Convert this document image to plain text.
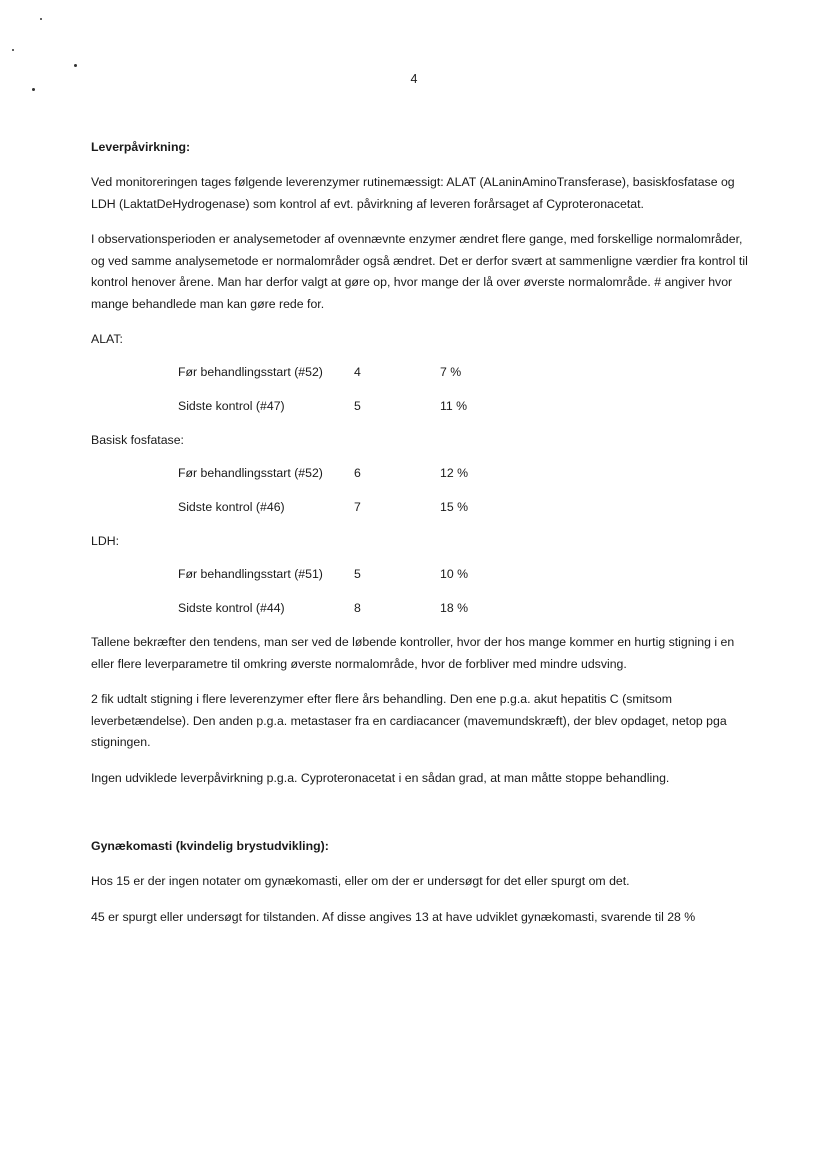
4

Leverpåvirkning:

Ved monitoreringen tages følgende leverenzymer rutinemæssigt: ALAT (ALaninAminoTransferase), basiskfosfatase og LDH (LaktatDeHydrogenase) som kontrol af evt. påvirkning af leveren forårsaget af Cyproteronacetat.

I observationsperioden er analysemetoder af ovennævnte enzymer ændret flere gange, med forskellige normalområder, og ved samme analysemetode er normalområder også ændret. Det er derfor svært at sammenligne værdier fra kontrol til kontrol henover årene. Man har derfor valgt at gøre op, hvor mange der lå over øverste normalområde. # angiver hvor mange behandlede man kan gøre rede for.

ALAT:

Før behandlingsstart (#52)	4	7 %
Sidste kontrol (#47)	5	11 %

Basisk fosfatase:

Før behandlingsstart (#52)	6	12 %
Sidste kontrol (#46)	7	15 %

LDH:

Før behandlingsstart (#51)	5	10 %
Sidste kontrol (#44)	8	18 %

Tallene bekræfter den tendens, man ser ved de løbende kontroller, hvor der hos mange kommer en hurtig stigning i en eller flere leverparametre til omkring øverste normalområde, hvor de forbliver med mindre udsving.

2 fik udtalt stigning i flere leverenzymer efter flere års behandling. Den ene p.g.a. akut hepatitis C (smitsom leverbetændelse). Den anden p.g.a. metastaser fra en cardiacancer (mavemundskræft), der blev opdaget, netop pga stigningen.

Ingen udviklede leverpåvirkning p.g.a. Cyproteronacetat i en sådan grad, at man måtte stoppe behandling.

Gynækomasti (kvindelig brystudvikling):

Hos 15 er der ingen notater om gynækomasti, eller om der er undersøgt for det eller spurgt om det.

45 er spurgt eller undersøgt for tilstanden. Af disse angives 13 at have udviklet gynækomasti, svarende til 28 %
